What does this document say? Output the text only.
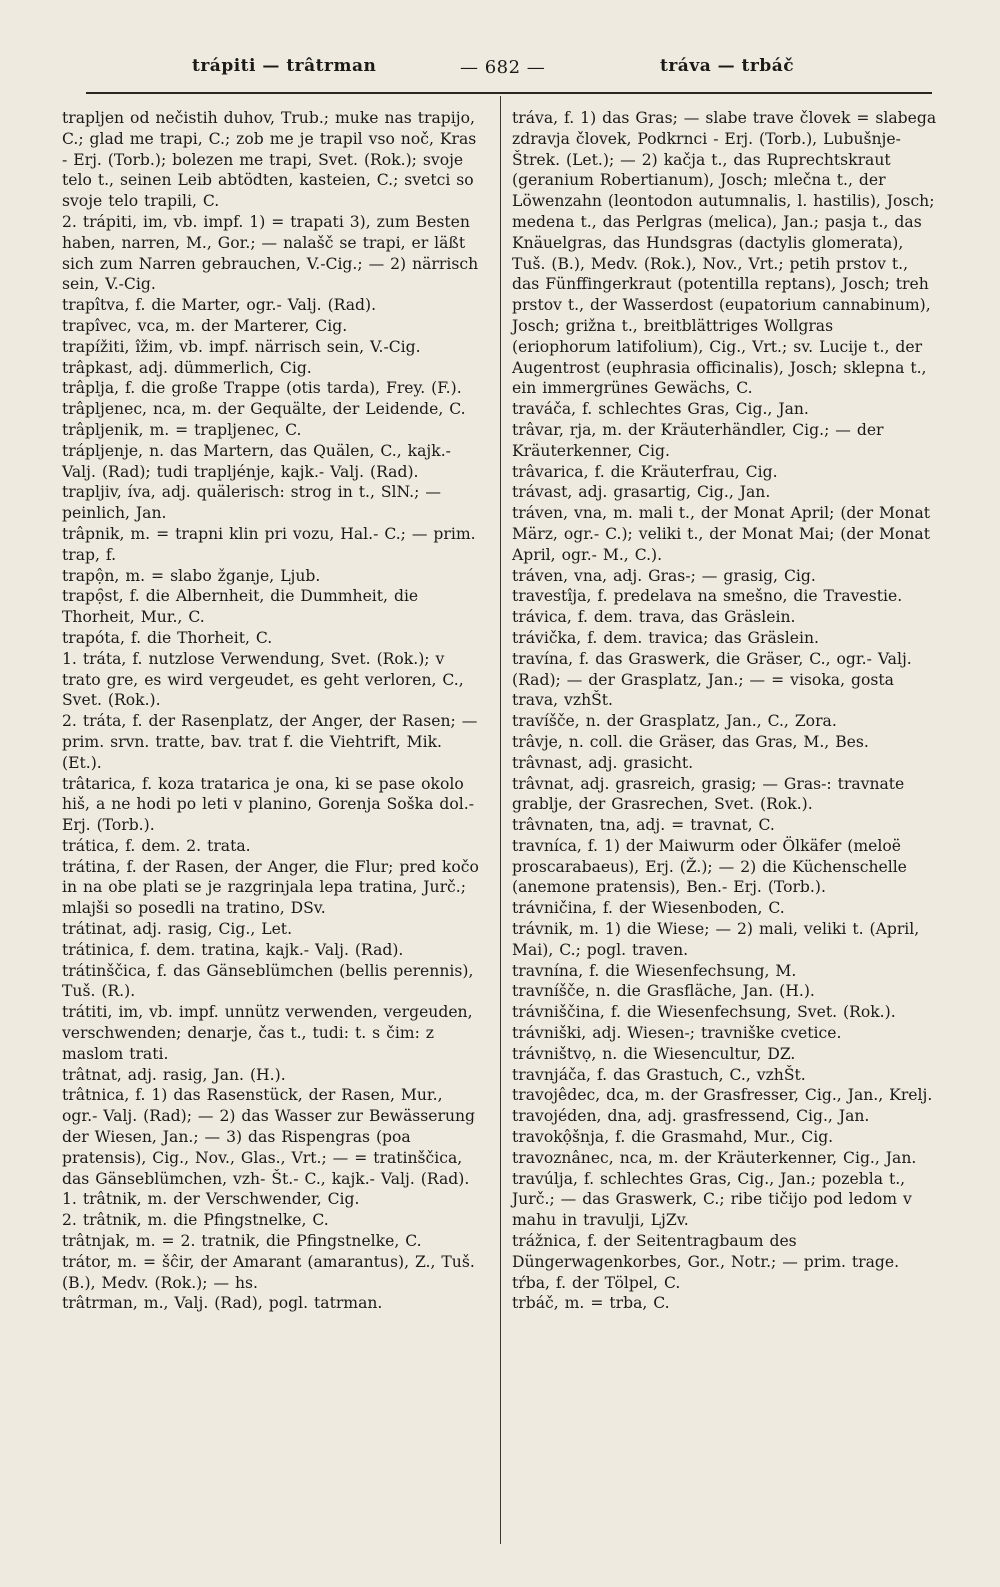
trápiti — trâtrman	— 682 —	tráva — trbáč

trapljen od nečistih duhov, Trub.; muke nas trapijo, C.; glad me trapi, C.; zob me je trapil vso noč, Kras - Erj. (Torb.); bolezen me trapi, Svet. (Rok.); svoje telo t., seinen Leib abtödten, kasteien, C.; svetci so svoje telo trapili, C.

2. trápiti, im, vb. impf. 1) = trapati 3), zum Besten haben, narren, M., Gor.; — nalašč se trapi, er läßt sich zum Narren gebrauchen, V.-Cig.; — 2) närrisch sein, V.-Cig.

trapîtva, f. die Marter, ogr.- Valj. (Rad).

trapîvec, vca, m. der Marterer, Cig.

trapížiti, îžim, vb. impf. närrisch sein, V.-Cig.

trâpkast, adj. dümmerlich, Cig.

trâplja, f. die große Trappe (otis tarda), Frey. (F.).

trâpljenec, nca, m. der Gequälte, der Leidende, C.

trâpljenik, m. = trapljenec, C.

trápljenje, n. das Martern, das Quälen, C., kajk.- Valj. (Rad); tudi trapljénje, kajk.- Valj. (Rad).

trapljiv, íva, adj. quälerisch: strog in t., SlN.; — peinlich, Jan.

trâpnik, m. = trapni klin pri vozu, Hal.- C.; — prim. trap, f.

trapộn, m. = slabo žganje, Ljub.

trapọ̑st, f. die Albernheit, die Dummheit, die Thorheit, Mur., C.

trapóta, f. die Thorheit, C.

1. tráta, f. nutzlose Verwendung, Svet. (Rok.); v trato gre, es wird vergeudet, es geht verloren, C., Svet. (Rok.).

2. tráta, f. der Rasenplatz, der Anger, der Rasen; — prim. srvn. tratte, bav. trat f. die Viehtrift, Mik. (Et.).

trâtarica, f. koza tratarica je ona, ki se pase okolo hiš, a ne hodi po leti v planino, Gorenja Soška dol.- Erj. (Torb.).

trática, f. dem. 2. trata.

trátina, f. der Rasen, der Anger, die Flur; pred kočo in na obe plati se je razgrinjala lepa tratina, Jurč.; mlajši so posedli na tratino, DSv.

trátinat, adj. rasig, Cig., Let.

trátinica, f. dem. tratina, kajk.- Valj. (Rad).

trátinščica, f. das Gänseblümchen (bellis perennis), Tuš. (R.).

trátiti, im, vb. impf. unnütz verwenden, vergeuden, verschwenden; denarje, čas t., tudi: t. s čim: z maslom trati.

trâtnat, adj. rasig, Jan. (H.).

trâtnica, f. 1) das Rasenstück, der Rasen, Mur., ogr.- Valj. (Rad); — 2) das Wasser zur Bewässerung der Wiesen, Jan.; — 3) das Rispengras (poa pratensis), Cig., Nov., Glas., Vrt.; — = tratinščica, das Gänseblümchen, vzh- Št.- C., kajk.- Valj. (Rad).

1. trâtnik, m. der Verschwender, Cig.

2. trâtnik, m. die Pfingstnelke, C.

trâtnjak, m. = 2. tratnik, die Pfingstnelke, C.

trátor, m. = šĉir, der Amarant (amarantus), Z., Tuš. (B.), Medv. (Rok.); — hs.

trâtrman, m., Valj. (Rad), pogl. tatrman.

tráva, f. 1) das Gras; — slabe trave človek = slabega zdravja človek, Podkrnci - Erj. (Torb.), Lubušnje-Štrek. (Let.); — 2) kačja t., das Ruprechtskraut (geranium Robertianum), Josch; mlečna t., der Löwenzahn (leontodon autumnalis, l. hastilis), Josch; medena t., das Perlgras (melica), Jan.; pasja t., das Knäuelgras, das Hundsgras (dactylis glomerata), Tuš. (B.), Medv. (Rok.), Nov., Vrt.; petih prstov t., das Fünffingerkraut (potentilla reptans), Josch; treh prstov t., der Wasserdost (eupatorium cannabinum), Josch; grižna t., breitblättriges Wollgras (eriophorum latifolium), Cig., Vrt.; sv. Lucije t., der Augentrost (euphrasia officinalis), Josch; sklepna t., ein immergrünes Gewächs, C.

traváča, f. schlechtes Gras, Cig., Jan.

trâvar, rja, m. der Kräuterhändler, Cig.; — der Kräuterkenner, Cig.

trâvarica, f. die Kräuterfrau, Cig.

trávast, adj. grasartig, Cig., Jan.

tráven, vna, m. mali t., der Monat April; (der Monat März, ogr.- C.); veliki t., der Monat Mai; (der Monat April, ogr.- M., C.).

tráven, vna, adj. Gras-; — grasig, Cig.

travestîja, f. predelava na smešno, die Travestie.

trávica, f. dem. trava, das Gräslein.

trávička, f. dem. travica; das Gräslein.

travína, f. das Graswerk, die Gräser, C., ogr.- Valj. (Rad); — der Grasplatz, Jan.; — = visoka, gosta trava, vzhŠt.

travíšče, n. der Grasplatz, Jan., C., Zora.

trâvje, n. coll. die Gräser, das Gras, M., Bes.

trâvnast, adj. grasicht.

trâvnat, adj. grasreich, grasig; — Gras-: travnate grablje, der Grasrechen, Svet. (Rok.).

trâvnaten, tna, adj. = travnat, C.

travníca, f. 1) der Maiwurm oder Ölkäfer (meloë proscarabaeus), Erj. (Ž.); — 2) die Küchenschelle (anemone pratensis), Ben.- Erj. (Torb.).

trávničina, f. der Wiesenboden, C.

trávnik, m. 1) die Wiese; — 2) mali, veliki t. (April, Mai), C.; pogl. traven.

travnína, f. die Wiesenfechsung, M.

travníšče, n. die Grasfläche, Jan. (H.).

trávniščina, f. die Wiesenfechsung, Svet. (Rok.).

trávniški, adj. Wiesen-; travniške cvetice.

trávništvọ, n. die Wiesencultur, DZ.

travnjáča, f. das Grastuch, C., vzhŠt.

travojêdec, dca, m. der Grasfresser, Cig., Jan., Krelj.

travojéden, dna, adj. grasfressend, Cig., Jan.

travokộšnja, f. die Grasmahd, Mur., Cig.

travoznânec, nca, m. der Kräuterkenner, Cig., Jan.

travúlja, f. schlechtes Gras, Cig., Jan.; pozebla t., Jurč.; — das Graswerk, C.; ribe tičijo pod ledom v mahu in travulji, LjZv.

trážnica, f. der Seitentragbaum des Düngerwagenkorbes, Gor., Notr.; — prim. trage.

tŕba, f. der Tölpel, C.

trbáč, m. = trba, C.
